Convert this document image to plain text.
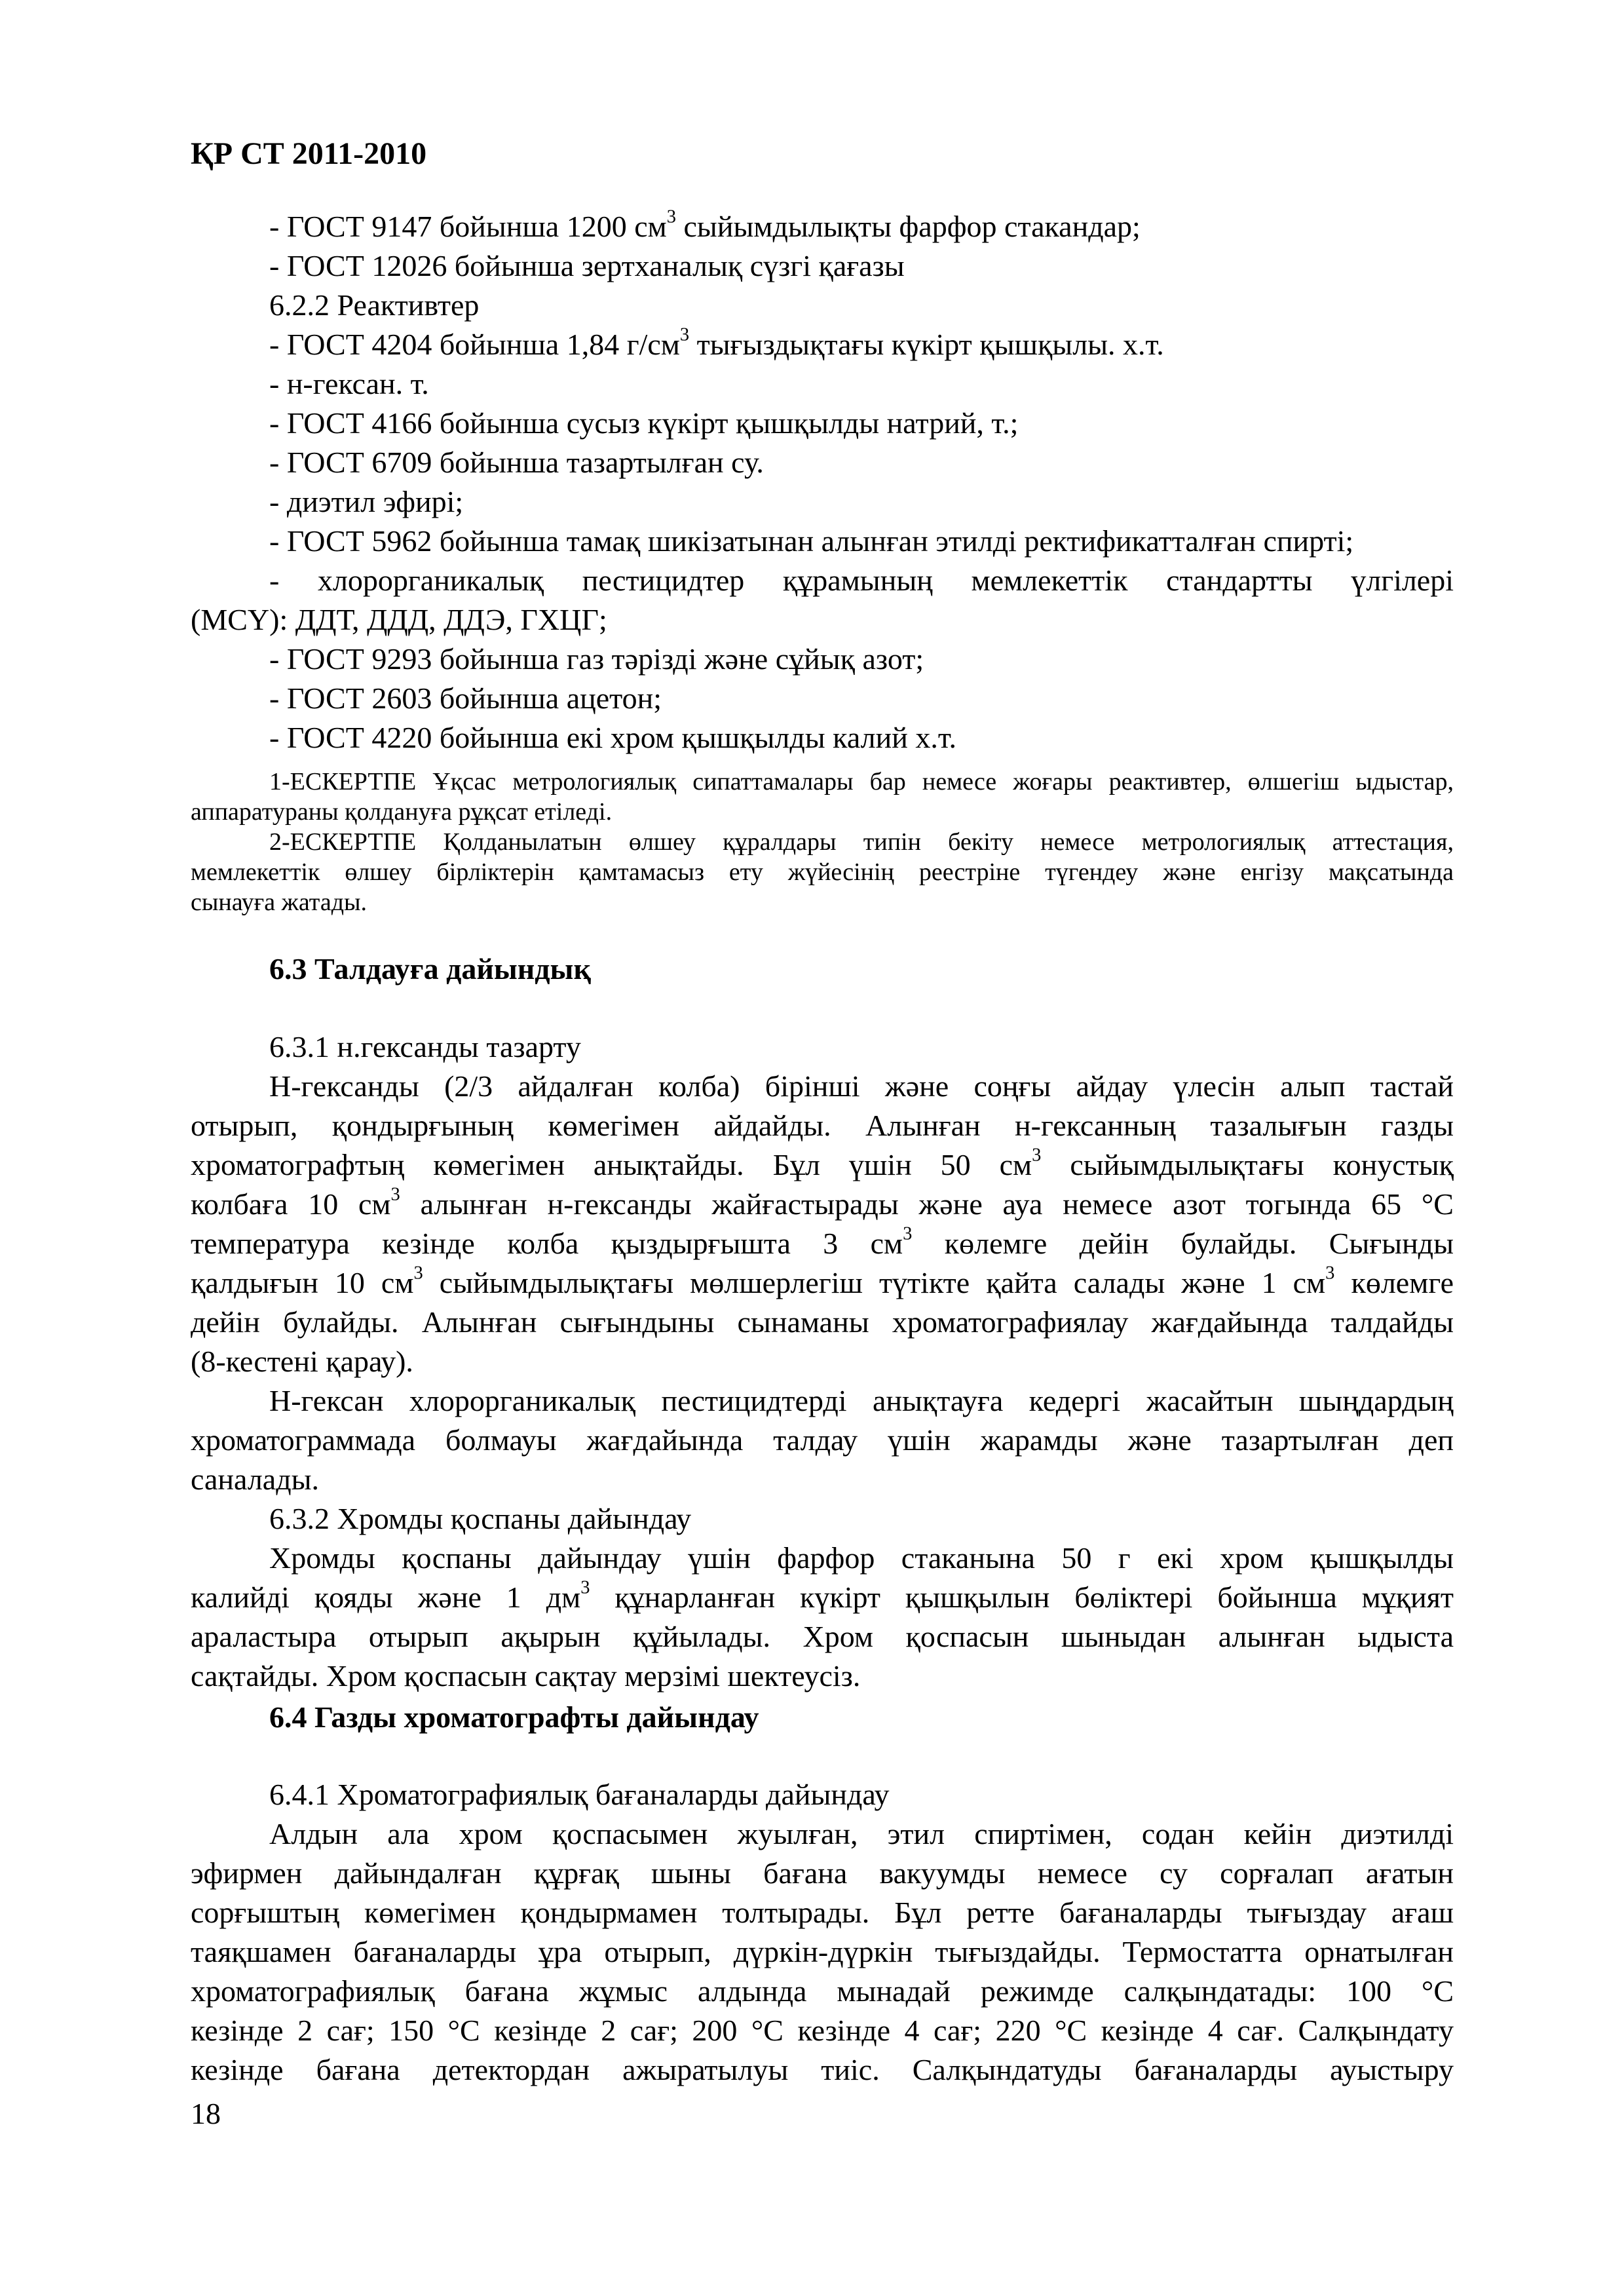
ҚР СТ 2011-2010
- ГОСТ 9147 бойынша 1200 $см^3$ сыйымдылықты фарфор стакандар;
- ГОСТ 12026 бойынша зертханалық сүзгі қағазы
6.2.2 Реактивтер
- ГОСТ 4204 бойынша 1,84 $г/см^3$ тығыздықтағы күкірт қышқылы. х.т.
- н-гексан. т.
- ГОСТ 4166 бойынша сусыз күкірт қышқылды натрий, т.;
- ГОСТ 6709 бойынша тазартылған су.
- диэтил эфирі;
- ГОСТ 5962 бойынша тамақ шикізатынан алынған этилді ректификатталған спирті;
- хлорорганикалық пестицидтер құрамының мемлекеттік стандартты үлгілері
(МСҮ): ДДТ, ДДД, ДДЭ, ГХЦГ;
- ГОСТ 9293 бойынша газ тәрізді және сұйық азот;
- ГОСТ 2603 бойынша ацетон;
- ГОСТ 4220 бойынша екі хром қышқылды калий х.т.
1-ЕСКЕРТПЕ Ұқсас метрологиялық сипаттамалары бар немесе жоғары реактивтер, өлшегіш ыдыстар,
аппаратураны қолдануға рұқсат етіледі.
2-ЕСКЕРТПЕ Қолданылатын өлшеу құралдары типін бекіту немесе метрологиялық аттестация,
мемлекеттік өлшеу бірліктерін қамтамасыз ету жүйесінің реестріне түгендеу және енгізу мақсатында
сынауға жатады.
6.3 Талдауға дайындық
6.3.1 н.гександы тазарту
Н-гександы (2/3 айдалған колба) бірінші және соңғы айдау үлесін алып тастай
отырып, қондырғының көмегімен айдайды. Алынған н-гексанның тазалығын газды
хроматографтың көмегімен анықтайды. Бұл үшін 50 $см^3$ сыйымдылықтағы конустық
колбаға 10 $см^3$ алынған н-гександы жайғастырады және ауа немесе азот тогында 65 °С
температура кезінде колба қыздырғышта 3 $см^3$ көлемге дейін булайды. Сығынды
қалдығын 10 $см^3$ сыйымдылықтағы мөлшерлегіш түтікте қайта салады және 1 $см^3$ көлемге
дейін булайды. Алынған сығындыны сынаманы хроматографиялау жағдайында талдайды
(8-кестені қарау).
Н-гексан хлорорганикалық пестицидтерді анықтауға кедергі жасайтын шыңдардың
хроматограммада болмауы жағдайында талдау үшін жарамды және тазартылған деп
саналады.
6.3.2 Хромды қоспаны дайындау
Хромды қоспаны дайындау үшін фарфор стаканына 50 г екі хром қышқылды
калийді қояды және 1 $дм^3$ құнарланған күкірт қышқылын бөліктері бойынша мұқият
араластыра отырып ақырын құйылады. Хром қоспасын шыныдан алынған ыдыста
сақтайды. Хром қоспасын сақтау мерзімі шектеусіз.
6.4 Газды хроматографты дайындау
6.4.1 Хроматографиялық бағаналарды дайындау
Алдын ала хром қоспасымен жуылған, этил спиртімен, содан кейін диэтилді
эфирмен дайындалған құрғақ шыны бағана вакуумды немесе су сорғалап ағатын
сорғыштың көмегімен қондырмамен толтырады. Бұл ретте бағаналарды тығыздау ағаш
таяқшамен бағаналарды ұра отырып, дүркін-дүркін тығыздайды. Термостатта орнатылған
хроматографиялық бағана жұмыс алдында мынадай режимде салқындатады: 100 °С
кезінде 2 сағ; 150 °С кезінде 2 сағ; 200 °С кезінде 4 сағ; 220 °С кезінде 4 сағ. Салқындату
кезінде бағана детектордан ажыратылуы тиіс. Салқындатуды бағаналарды ауыстыру
18
